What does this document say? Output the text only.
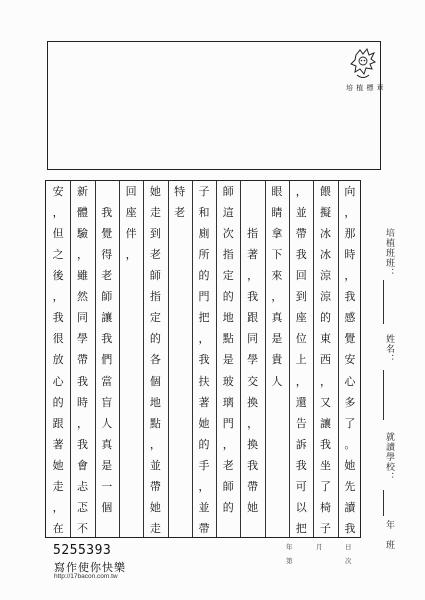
培 植 標 章
培植班班：
姓名：
就讀學校：
年　班
向
，
那
時
，
我
感
覺
安
心
多
了
。
她
先
讀
我
餵
擬
冰
冰
涼
涼
的
東
西
，
又
讓
我
坐
了
椅
子
，
並
帶
我
回
到
座
位
上
，
還
告
訴
我
可
以
把
眼
睛
拿
下
來
，
真
是
貴
人
指
著
，
我
跟
同
學
交
換
，
換
我
帶
她
師
這
次
指
定
的
地
點
是
玻
璃
門
，
老
師
的
子
和
廁
所
的
門
把
，
我
扶
著
她
的
手
，
並
帶
特
老
她
走
到
老
師
指
定
的
各
個
地
點
，
並
帶
她
走
回
座
伴
，
我
覺
得
老
師
讓
我
們
當
盲
人
真
是
一
個
新
體
驗
，
雖
然
同
學
帶
我
時
，
我
會
忐
忑
不
安
，
但
之
後
，
我
很
放
心
的
跟
著
她
走
，
在
5255393
寫作使你快樂
http://17bacon.com.tw
年	月	日
第	次
